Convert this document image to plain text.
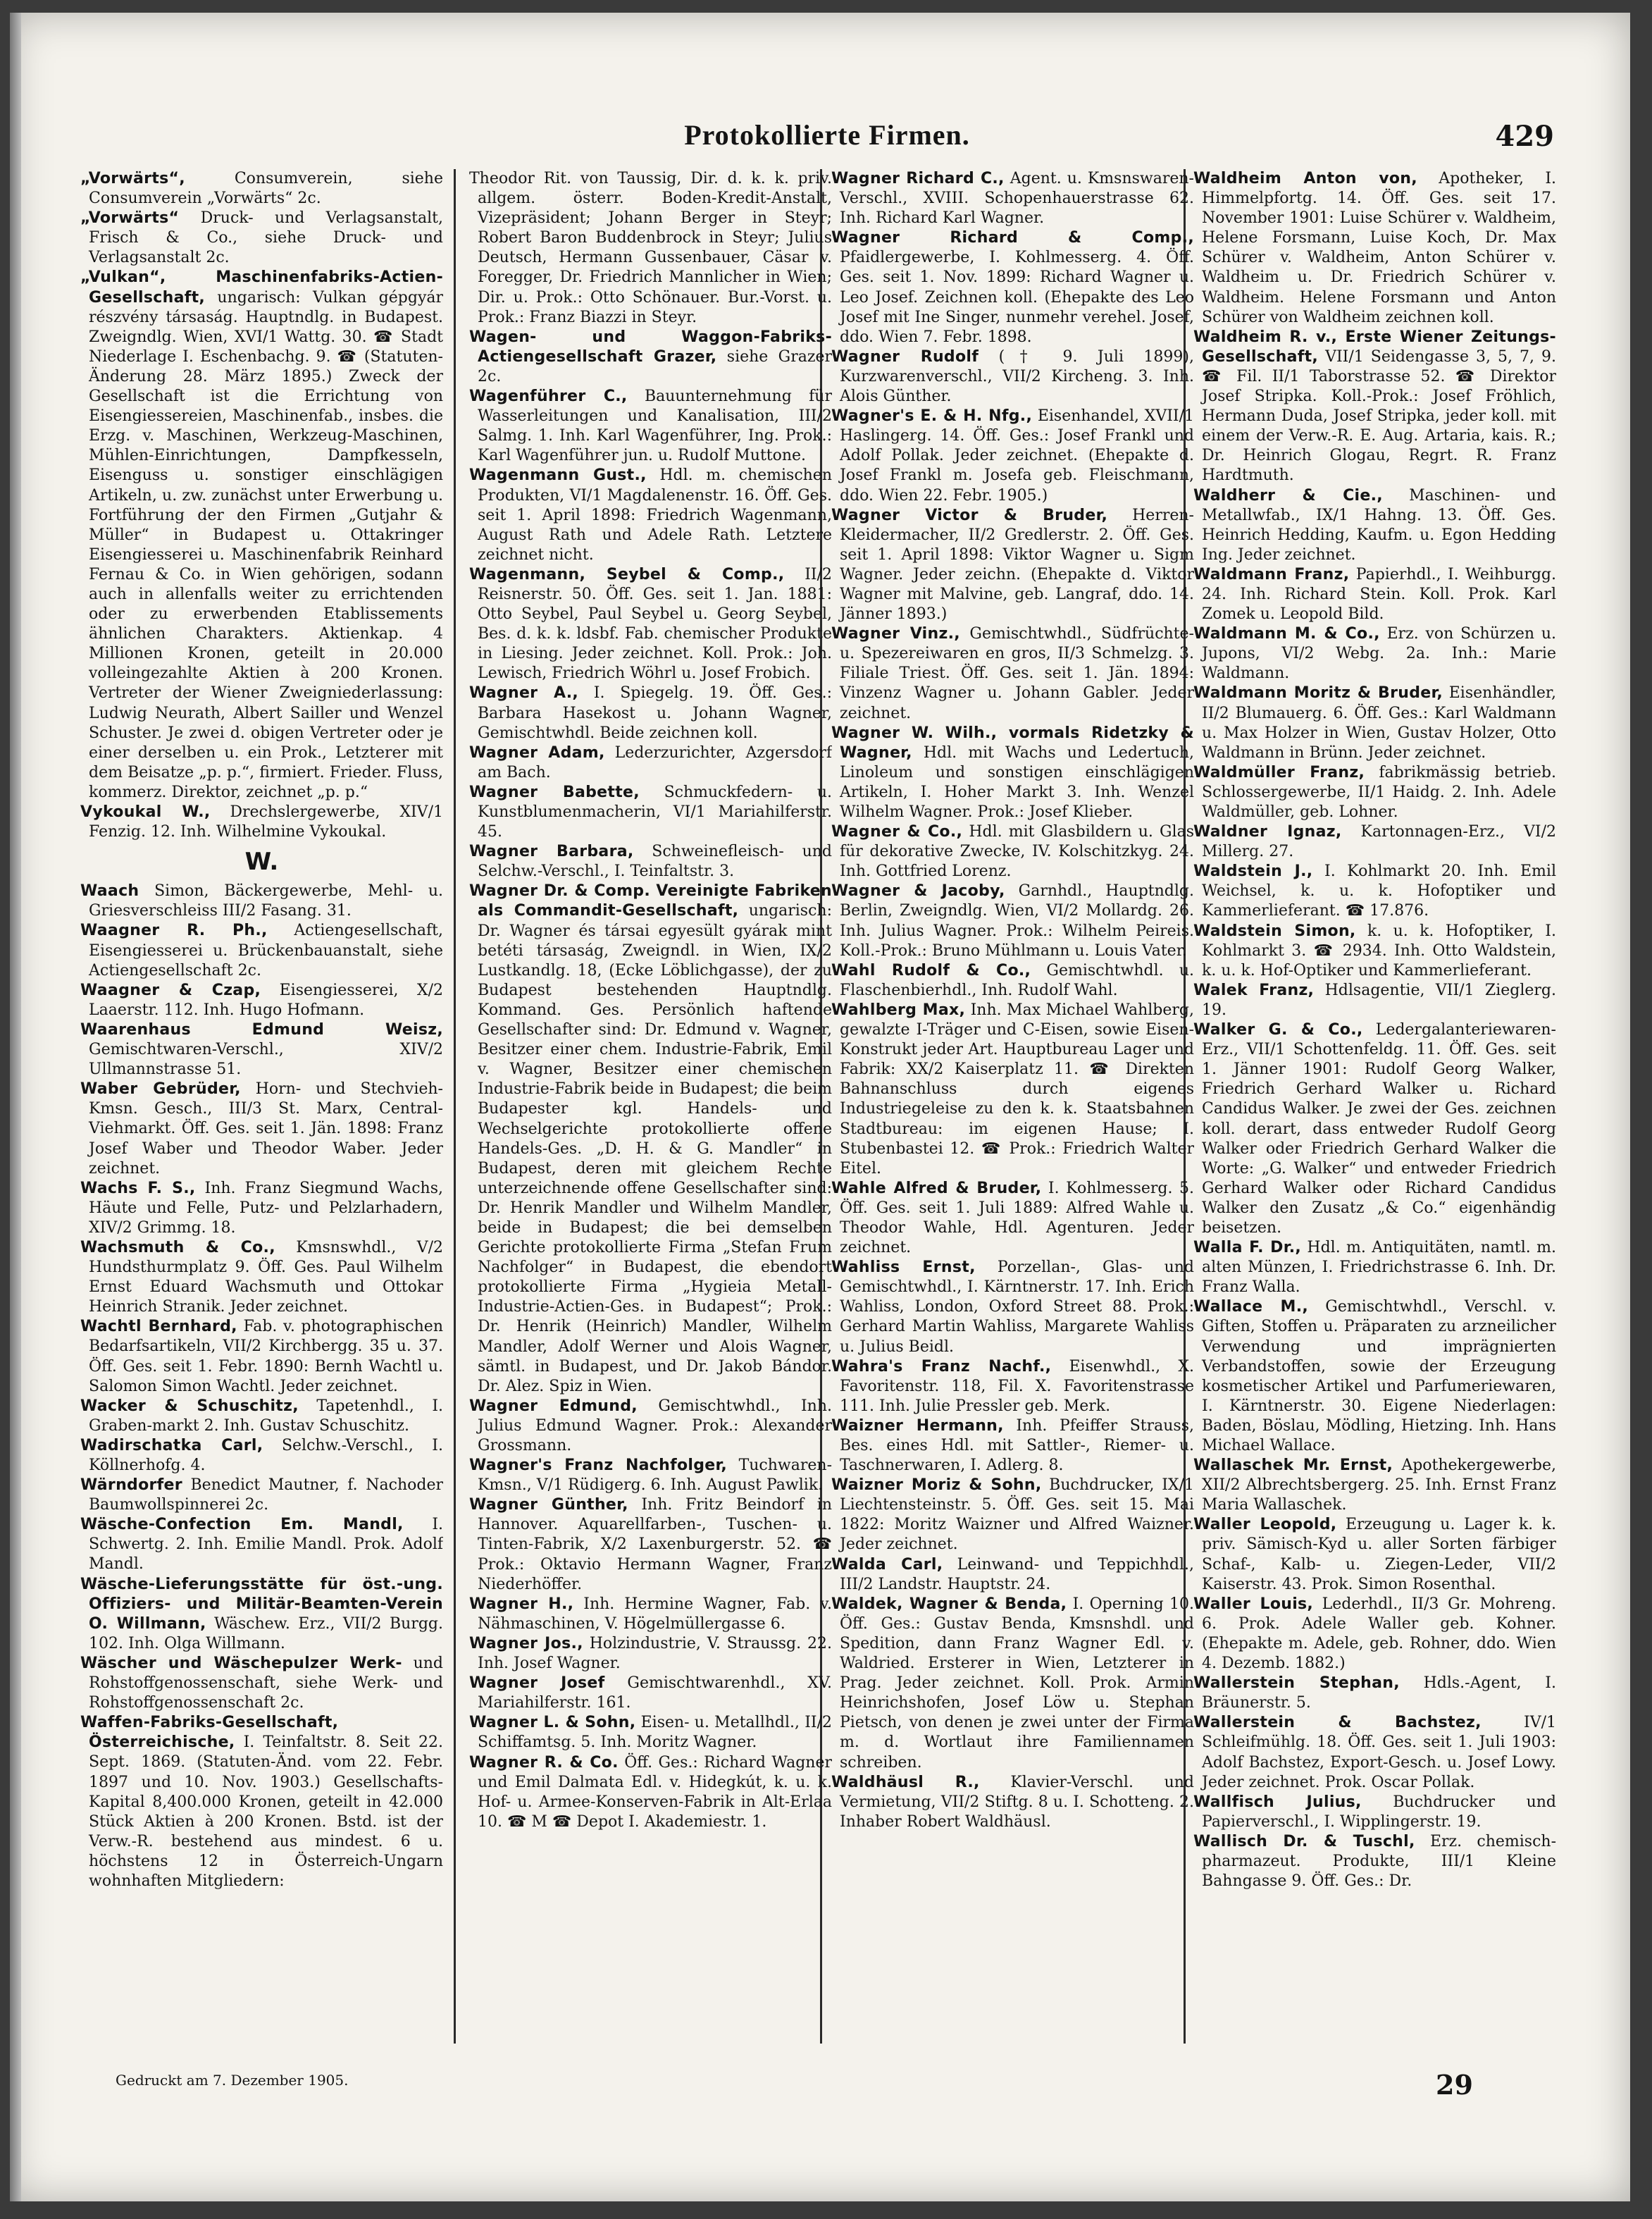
Protokollierte Firmen.	429

„Vorwärts“,	Consumverein, siehe Consumverein „Vorwärts“ 2c.

„Vorwärts“ Druck- und Verlagsanstalt, Frisch & Co., siehe Druck- und Verlagsanstalt 2c.

„Vulkan“, Maschinenfabriks-Actien-Gesellschaft, ungarisch: Vulkan gépgyár részvény társaság. Hauptndlg. in Budapest. Zweigndlg. Wien, XVI/1 Wattg. 30. ☎ Stadt Niederlage I. Eschenbachg. 9. ☎ (Statuten-Änderung 28. März 1895.) Zweck der Gesellschaft ist die Errichtung von Eisengiessereien, Maschinenfab., insbes. die Erzg. v. Maschinen, Werkzeug-Maschinen, Mühlen-Einrichtungen, Dampfkesseln, Eisenguss u. sonstiger einschlägigen Artikeln, u. zw. zunächst unter Erwerbung u. Fortführung der den Firmen „Gutjahr & Müller“ in Budapest u. Ottakringer Eisengiesserei u. Maschinenfabrik Reinhard Fernau & Co. in Wien gehörigen, sodann auch in allenfalls weiter zu errichtenden oder zu erwerbenden Etablissements ähnlichen Charakters. Aktienkap. 4 Millionen Kronen, geteilt in 20.000 volleingezahlte Aktien à 200 Kronen. Vertreter der Wiener Zweigniederlassung: Ludwig Neurath, Albert Sailler und Wenzel Schuster. Je zwei d. obigen Vertreter oder je einer derselben u. ein Prok., Letzterer mit dem Beisatze „p. p.“, firmiert. Frieder. Fluss, kommerz. Direktor, zeichnet „p. p.“

Vykoukal W., Drechslergewerbe, XIV/1 Fenzig. 12. Inh. Wilhelmine Vykoukal.

W.

Waach Simon, Bäckergewerbe, Mehl- u. Griesverschleiss III/2 Fasang. 31.

Waagner R. Ph., Actiengesellschaft, Eisengiesserei u. Brückenbauanstalt, siehe Actiengesellschaft 2c.

Waagner & Czap, Eisengiesserei, X/2 Laaerstr. 112. Inh. Hugo Hofmann.

Waarenhaus Edmund Weisz, Gemischtwaren-Verschl., XIV/2 Ullmannstrasse 51.

Waber Gebrüder, Horn- und Stechvieh-Kmsn. Gesch., III/3 St. Marx, Central-Viehmarkt. Öff. Ges. seit 1. Jän. 1898: Franz Josef Waber und Theodor Waber. Jeder zeichnet.

Wachs F. S., Inh. Franz Siegmund Wachs, Häute und Felle, Putz- und Pelzlarhadern, XIV/2 Grimmg. 18.

Wachsmuth & Co., Kmsnswhdl., V/2 Hundsthurmplatz 9. Öff. Ges. Paul Wilhelm Ernst Eduard Wachsmuth und Ottokar Heinrich Stranik. Jeder zeichnet.

Wachtl Bernhard, Fab. v. photographischen Bedarfsartikeln, VII/2 Kirchbergg. 35 u. 37. Öff. Ges. seit 1. Febr. 1890: Bernh Wachtl u. Salomon Simon Wachtl. Jeder zeichnet.

Wacker & Schuschitz, Tapetenhdl., I. Graben-markt 2. Inh. Gustav Schuschitz.

Wadirschatka Carl, Selchw.-Verschl., I. Köllnerhofg. 4.

Wärndorfer Benedict Mautner, f. Nachoder Baumwollspinnerei 2c.

Wäsche-Confection Em. Mandl, I. Schwertg. 2. Inh. Emilie Mandl. Prok. Adolf Mandl.

Wäsche-Lieferungsstätte für öst.-ung. Offiziers- und Militär-Beamten-Verein O. Willmann, Wäschew. Erz., VII/2 Burgg. 102. Inh. Olga Willmann.

Wäscher und Wäschepulzer Werk- und Rohstoffgenossenschaft, siehe Werk- und Rohstoffgenossenschaft 2c.

Waffen-Fabriks-Gesellschaft, Österreichische, I. Teinfaltstr. 8. Seit 22. Sept. 1869. (Statuten-Änd. vom 22. Febr. 1897 und 10. Nov. 1903.) Gesellschafts-Kapital 8,400.000 Kronen, geteilt in 42.000 Stück Aktien à 200 Kronen. Bstd. ist der Verw.-R. bestehend aus mindest. 6 u. höchstens 12 in Österreich-Ungarn wohnhaften Mitgliedern:

Theodor Rit. von Taussig, Dir. d. k. k. priv. allgem. österr. Boden-Kredit-Anstalt, Vizepräsident; Johann Berger in Steyr; Robert Baron Buddenbrock in Steyr; Julius Deutsch, Hermann Gussenbauer, Cäsar v. Foregger, Dr. Friedrich Mannlicher in Wien; Dir. u. Prok.: Otto Schönauer. Bur.-Vorst. u. Prok.: Franz Biazzi in Steyr.

Wagen- und Waggon-Fabriks-Actiengesellschaft Grazer, siehe Grazer 2c.

Wagenführer C., Bauunternehmung für Wasserleitungen und Kanalisation, III/2 Salmg. 1. Inh. Karl Wagenführer, Ing. Prok.: Karl Wagenführer jun. u. Rudolf Muttone.

Wagenmann Gust., Hdl. m. chemischen Produkten, VI/1 Magdalenenstr. 16. Öff. Ges. seit 1. April 1898: Friedrich Wagenmann, August Rath und Adele Rath. Letztere zeichnet nicht.

Wagenmann, Seybel & Comp., II/2 Reisnerstr. 50. Öff. Ges. seit 1. Jan. 1881: Otto Seybel, Paul Seybel u. Georg Seybel, Bes. d. k. k. ldsbf. Fab. chemischer Produkte in Liesing. Jeder zeichnet. Koll. Prok.: Joh. Lewisch, Friedrich Wöhrl u. Josef Frobich.

Wagner A., I. Spiegelg. 19. Öff. Ges.: Barbara Hasekost u. Johann Wagner, Gemischtwhdl. Beide zeichnen koll.

Wagner Adam, Lederzurichter, Azgersdorf am Bach.

Wagner Babette, Schmuckfedern- u. Kunstblumenmacherin, VI/1 Mariahilferstr. 45.

Wagner Barbara, Schweinefleisch- und Selchw.-Verschl., I. Teinfaltstr. 3.

Wagner Dr. & Comp. Vereinigte Fabriken als Commandit-Gesellschaft, ungarisch: Dr. Wagner és társai egyesült gyárak mint betéti társaság, Zweigndl. in Wien, IX/2 Lustkandlg. 18, (Ecke Löblichgasse), der zu Budapest bestehenden Hauptndlg. Kommand. Ges. Persönlich haftende Gesellschafter sind: Dr. Edmund v. Wagner, Besitzer einer chem. Industrie-Fabrik, Emil v. Wagner, Besitzer einer chemischen Industrie-Fabrik beide in Budapest; die beim Budapester kgl. Handels- und Wechselgerichte protokollierte offene Handels-Ges. „D. H. & G. Mandler“ in Budapest, deren mit gleichem Rechte unterzeichnende offene Gesellschafter sind: Dr. Henrik Mandler und Wilhelm Mandler, beide in Budapest; die bei demselben Gerichte protokollierte Firma „Stefan Frum Nachfolger“ in Budapest, die ebendort protokollierte Firma „Hygieia Metall-Industrie-Actien-Ges. in Budapest“; Prok.: Dr. Henrik (Heinrich) Mandler, Wilhelm Mandler, Adolf Werner und Alois Wagner, sämtl. in Budapest, und Dr. Jakob Bándor. Dr. Alez. Spiz in Wien.

Wagner Edmund, Gemischtwhdl., Inh. Julius Edmund Wagner. Prok.: Alexander Grossmann.

Wagner's Franz Nachfolger, Tuchwaren-Kmsn., V/1 Rüdigerg. 6. Inh. August Pawlik.

Wagner Günther, Inh. Fritz Beindorf in Hannover. Aquarellfarben-, Tuschen- u. Tinten-Fabrik, X/2 Laxenburgerstr. 52. ☎ Prok.: Oktavio Hermann Wagner, Franz Niederhöffer.

Wagner H., Inh. Hermine Wagner, Fab. v. Nähmaschinen, V. Högelmüllergasse 6.

Wagner Jos., Holzindustrie, V. Straussg. 22. Inh. Josef Wagner.

Wagner Josef Gemischtwarenhdl., XV. Mariahilferstr. 161.

Wagner L. & Sohn, Eisen- u. Metallhdl., II/2 Schiffamtsg. 5. Inh. Moritz Wagner.

Wagner R. & Co. Öff. Ges.: Richard Wagner und Emil Dalmata Edl. v. Hidegkút, k. u. k. Hof- u. Armee-Konserven-Fabrik in Alt-Erlaa 10. ☎ M ☎ Depot I. Akademiestr. 1.

Wagner Richard C., Agent. u. Kmsnswaren-Verschl., XVIII. Schopenhauerstrasse 62. Inh. Richard Karl Wagner.

Wagner Richard & Comp., Pfaidlergewerbe, I. Kohlmesserg. 4. Öff. Ges. seit 1. Nov. 1899: Richard Wagner u. Leo Josef. Zeichnen koll. (Ehepakte des Leo Josef mit Ine Singer, nunmehr verehel. Josef, ddo. Wien 7. Febr. 1898.

Wagner Rudolf († 9. Juli 1899), Kurzwarenverschl., VII/2 Kircheng. 3. Inh. Alois Günther.

Wagner's E. & H. Nfg., Eisenhandel, XVII/1 Haslingerg. 14. Öff. Ges.: Josef Frankl und Adolf Pollak. Jeder zeichnet. (Ehepakte d. Josef Frankl m. Josefa geb. Fleischmann, ddo. Wien 22. Febr. 1905.)

Wagner Victor & Bruder, Herren-Kleidermacher, II/2 Gredlerstr. 2. Öff. Ges. seit 1. April 1898: Viktor Wagner u. Sigm Wagner. Jeder zeichn. (Ehepakte d. Viktor Wagner mit Malvine, geb. Langraf, ddo. 14. Jänner 1893.)

Wagner Vinz., Gemischtwhdl., Südfrüchte- u. Spezereiwaren en gros, II/3 Schmelzg. 3. Filiale Triest. Öff. Ges. seit 1. Jän. 1894: Vinzenz Wagner u. Johann Gabler. Jeder zeichnet.

Wagner W. Wilh., vormals Ridetzky & Wagner, Hdl. mit Wachs und Ledertuch, Linoleum und sonstigen einschlägigen Artikeln, I. Hoher Markt 3. Inh. Wenzel Wilhelm Wagner. Prok.: Josef Klieber.

Wagner & Co., Hdl. mit Glasbildern u. Glas für dekorative Zwecke, IV. Kolschitzkyg. 24. Inh. Gottfried Lorenz.

Wagner & Jacoby, Garnhdl., Hauptndlg. Berlin, Zweigndlg. Wien, VI/2 Mollardg. 26. Inh. Julius Wagner. Prok.: Wilhelm Peireis. Koll.-Prok.: Bruno Mühlmann u. Louis Vater.

Wahl Rudolf & Co., Gemischtwhdl. u. Flaschenbierhdl., Inh. Rudolf Wahl.

Wahlberg Max, Inh. Max Michael Wahlberg, gewalzte I-Träger und C-Eisen, sowie Eisen-Konstrukt jeder Art. Hauptbureau Lager und Fabrik: XX/2 Kaiserplatz 11. ☎ Direkten Bahnanschluss durch eigenes Industriegeleise zu den k. k. Staatsbahnen Stadtbureau: im eigenen Hause; I. Stubenbastei 12. ☎ Prok.: Friedrich Walter Eitel.

Wahle Alfred & Bruder, I. Kohlmesserg. 5. Öff. Ges. seit 1. Juli 1889: Alfred Wahle u. Theodor Wahle, Hdl. Agenturen. Jeder zeichnet.

Wahliss Ernst, Porzellan-, Glas- und Gemischtwhdl., I. Kärntnerstr. 17. Inh. Erich Wahliss, London, Oxford Street 88. Prok.: Gerhard Martin Wahliss, Margarete Wahliss u. Julius Beidl.

Wahra's Franz Nachf., Eisenwhdl., X. Favoritenstr. 118, Fil. X. Favoritenstrasse 111. Inh. Julie Pressler geb. Merk.

Waizner Hermann, Inh. Pfeiffer Strauss, Bes. eines Hdl. mit Sattler-, Riemer- u. Taschnerwaren, I. Adlerg. 8.

Waizner Moriz & Sohn, Buchdrucker, IX/1 Liechtensteinstr. 5. Öff. Ges. seit 15. Mai 1822: Moritz Waizner und Alfred Waizner. Jeder zeichnet.

Walda Carl, Leinwand- und Teppichhdl., III/2 Landstr. Hauptstr. 24.

Waldek, Wagner & Benda, I. Operning 10. Öff. Ges.: Gustav Benda, Kmsnshdl. und Spedition, dann Franz Wagner Edl. v. Waldried. Ersterer in Wien, Letzterer in Prag. Jeder zeichnet. Koll. Prok. Armin Heinrichshofen, Josef Löw u. Stephan Pietsch, von denen je zwei unter der Firma m. d. Wortlaut ihre Familiennamen schreiben.

Waldhäusl R., Klavier-Verschl. und Vermietung, VII/2 Stiftg. 8 u. I. Schotteng. 2. Inhaber Robert Waldhäusl.

Waldheim Anton von, Apotheker, I. Himmelpfortg. 14. Öff. Ges. seit 17. November 1901: Luise Schürer v. Waldheim, Helene Forsmann, Luise Koch, Dr. Max Schürer v. Waldheim, Anton Schürer v. Waldheim u. Dr. Friedrich Schürer v. Waldheim. Helene Forsmann und Anton Schürer von Waldheim zeichnen koll.

Waldheim R. v., Erste Wiener Zeitungs-Gesellschaft, VII/1 Seidengasse 3, 5, 7, 9. ☎ Fil. II/1 Taborstrasse 52. ☎ Direktor Josef Stripka. Koll.-Prok.: Josef Fröhlich, Hermann Duda, Josef Stripka, jeder koll. mit einem der Verw.-R. E. Aug. Artaria, kais. R.; Dr. Heinrich Glogau, Regrt. R. Franz Hardtmuth.

Waldherr & Cie., Maschinen- und Metallwfab., IX/1 Hahng. 13. Öff. Ges. Heinrich Hedding, Kaufm. u. Egon Hedding Ing. Jeder zeichnet.

Waldmann Franz, Papierhdl., I. Weihburgg. 24. Inh. Richard Stein. Koll. Prok. Karl Zomek u. Leopold Bild.

Waldmann M. & Co., Erz. von Schürzen u. Jupons, VI/2 Webg. 2a. Inh.: Marie Waldmann.

Waldmann Moritz & Bruder, Eisenhändler, II/2 Blumauerg. 6. Öff. Ges.: Karl Waldmann u. Max Holzer in Wien, Gustav Holzer, Otto Waldmann in Brünn. Jeder zeichnet.

Waldmüller Franz, fabrikmässig betrieb. Schlossergewerbe, II/1 Haidg. 2. Inh. Adele Waldmüller, geb. Lohner.

Waldner Ignaz, Kartonnagen-Erz., VI/2 Millerg. 27.

Waldstein J., I. Kohlmarkt 20. Inh. Emil Weichsel, k. u. k. Hofoptiker und Kammerlieferant. ☎ 17.876.

Waldstein Simon, k. u. k. Hofoptiker, I. Kohlmarkt 3. ☎ 2934. Inh. Otto Waldstein, k. u. k. Hof-Optiker und Kammerlieferant.

Walek Franz, Hdlsagentie, VII/1 Zieglerg. 19.

Walker G. & Co., Ledergalanteriewaren-Erz., VII/1 Schottenfeldg. 11. Öff. Ges. seit 1. Jänner 1901: Rudolf Georg Walker, Friedrich Gerhard Walker u. Richard Candidus Walker. Je zwei der Ges. zeichnen koll. derart, dass entweder Rudolf Georg Walker oder Friedrich Gerhard Walker die Worte: „G. Walker“ und entweder Friedrich Gerhard Walker oder Richard Candidus Walker den Zusatz „& Co.“ eigenhändig beisetzen.

Walla F. Dr., Hdl. m. Antiquitäten, namtl. m. alten Münzen, I. Friedrichstrasse 6. Inh. Dr. Franz Walla.

Wallace M., Gemischtwhdl., Verschl. v. Giften, Stoffen u. Präparaten zu arzneilicher Verwendung und imprägnierten Verbandstoffen, sowie der Erzeugung kosmetischer Artikel und Parfumeriewaren, I. Kärntnerstr. 30. Eigene Niederlagen: Baden, Böslau, Mödling, Hietzing. Inh. Hans Michael Wallace.

Wallaschek Mr. Ernst, Apothekergewerbe, XII/2 Albrechtsbergerg. 25. Inh. Ernst Franz Maria Wallaschek.

Waller Leopold, Erzeugung u. Lager k. k. priv. Sämisch-Kyd u. aller Sorten färbiger Schaf-, Kalb- u. Ziegen-Leder, VII/2 Kaiserstr. 43. Prok. Simon Rosenthal.

Waller Louis, Lederhdl., II/3 Gr. Mohreng. 6. Prok. Adele Waller geb. Kohner. (Ehepakte m. Adele, geb. Rohner, ddo. Wien 4. Dezemb. 1882.)

Wallerstein Stephan, Hdls.-Agent, I. Bräunerstr. 5.

Wallerstein & Bachstez,	IV/1 Schleifmühlg. 18. Öff. Ges. seit 1. Juli 1903: Adolf Bachstez, Export-Gesch. u. Josef Lowy. Jeder zeichnet. Prok. Oscar Pollak.

Wallfisch Julius, Buchdrucker und Papierverschl., I. Wipplingerstr. 19.

Wallisch Dr. & Tuschl, Erz. chemisch-pharmazeut. Produkte, III/1 Kleine Bahngasse 9. Öff. Ges.: Dr.

Gedruckt am 7. Dezember 1905.	29
